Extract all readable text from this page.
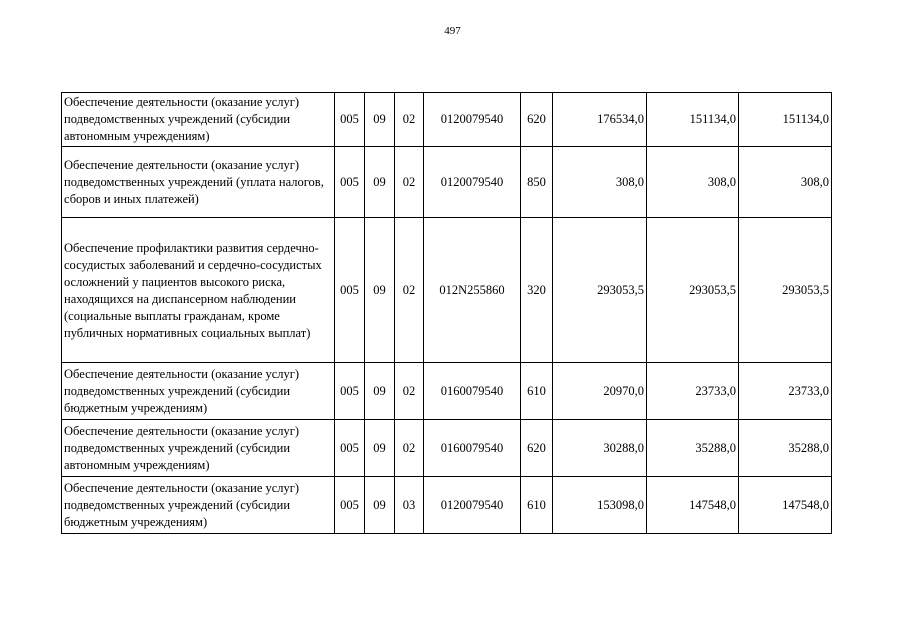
497
Обеспечение деятельности (оказание услуг) подведомственных учреждений (субсидии автономным учреждениям)	005	09	02	0120079540	620	176534,0	151134,0	151134,0
Обеспечение деятельности (оказание услуг) подведомственных учреждений (уплата налогов, сборов и иных платежей)	005	09	02	0120079540	850	308,0	308,0	308,0
Обеспечение профилактики развития сердечно-сосудистых заболеваний и сердечно-сосудистых осложнений у пациентов высокого риска, находящихся на диспансерном наблюдении (социальные выплаты гражданам, кроме публичных нормативных социальных выплат)	005	09	02	012N255860	320	293053,5	293053,5	293053,5
Обеспечение деятельности (оказание услуг) подведомственных учреждений (субсидии бюджетным учреждениям)	005	09	02	0160079540	610	20970,0	23733,0	23733,0
Обеспечение деятельности (оказание услуг) подведомственных учреждений (субсидии автономным учреждениям)	005	09	02	0160079540	620	30288,0	35288,0	35288,0
Обеспечение деятельности (оказание услуг) подведомственных учреждений (субсидии бюджетным учреждениям)	005	09	03	0120079540	610	153098,0	147548,0	147548,0
